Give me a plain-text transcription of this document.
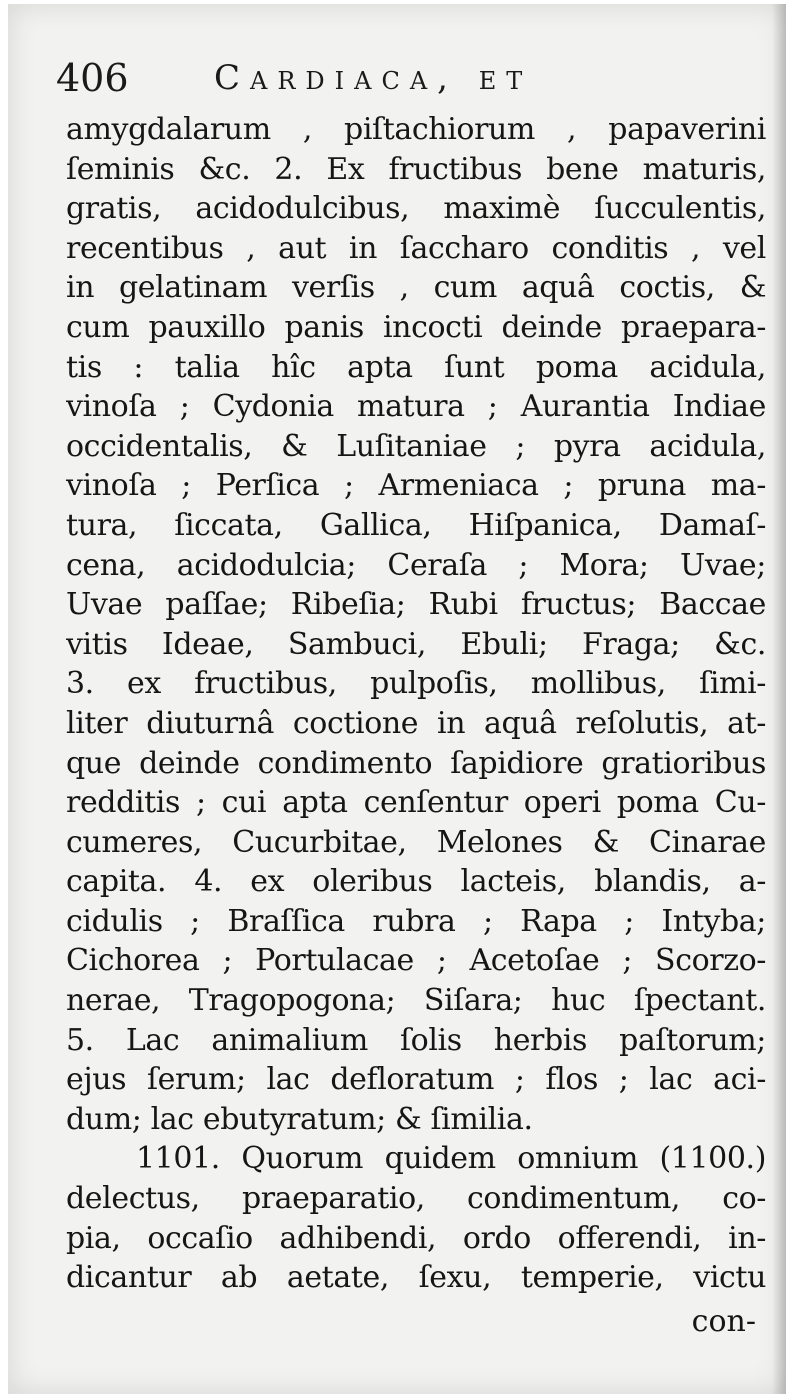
406	Cardiaca, et
amygdalarum , piſtachiorum , papaverini
ſeminis &c. 2. Ex fructibus bene maturis,
gratis, acidodulcibus, maximè ſucculentis,
recentibus , aut in ſaccharo conditis , vel
in gelatinam verſis , cum aquâ coctis, &
cum pauxillo panis incocti deinde praepara-
tis : talia hîc apta ſunt poma acidula,
vinoſa ; Cydonia matura ; Aurantia Indiae
occidentalis, & Luſitaniae ; pyra acidula,
vinoſa ; Perſica ; Armeniaca ; pruna ma-
tura, ſiccata, Gallica, Hiſpanica, Damaſ-
cena, acidodulcia; Ceraſa ; Mora; Uvae;
Uvae paſſae; Ribeſia; Rubi fructus; Baccae
vitis Ideae, Sambuci, Ebuli; Fraga; &c.
3. ex fructibus, pulpoſis, mollibus, ſimi-
liter diuturnâ coctione in aquâ reſolutis, at-
que deinde condimento ſapidiore gratioribus
redditis ; cui apta cenſentur operi poma Cu-
cumeres, Cucurbitae, Melones & Cinarae
capita. 4. ex oleribus lacteis, blandis, a-
cidulis ; Braſſica rubra ; Rapa ; Intyba;
Cichorea ; Portulacae ; Acetoſae ; Scorzo-
nerae, Tragopogona; Siſara; huc ſpectant.
5. Lac animalium ſolis herbis paſtorum;
ejus ſerum; lac defloratum ; flos ; lac aci-
dum; lac ebutyratum; & ſimilia.
1101. Quorum quidem omnium (1100.)
delectus, praeparatio, condimentum, co-
pia, occaſio adhibendi, ordo offerendi, in-
dicantur ab aetate, ſexu, temperie, victu
con-
